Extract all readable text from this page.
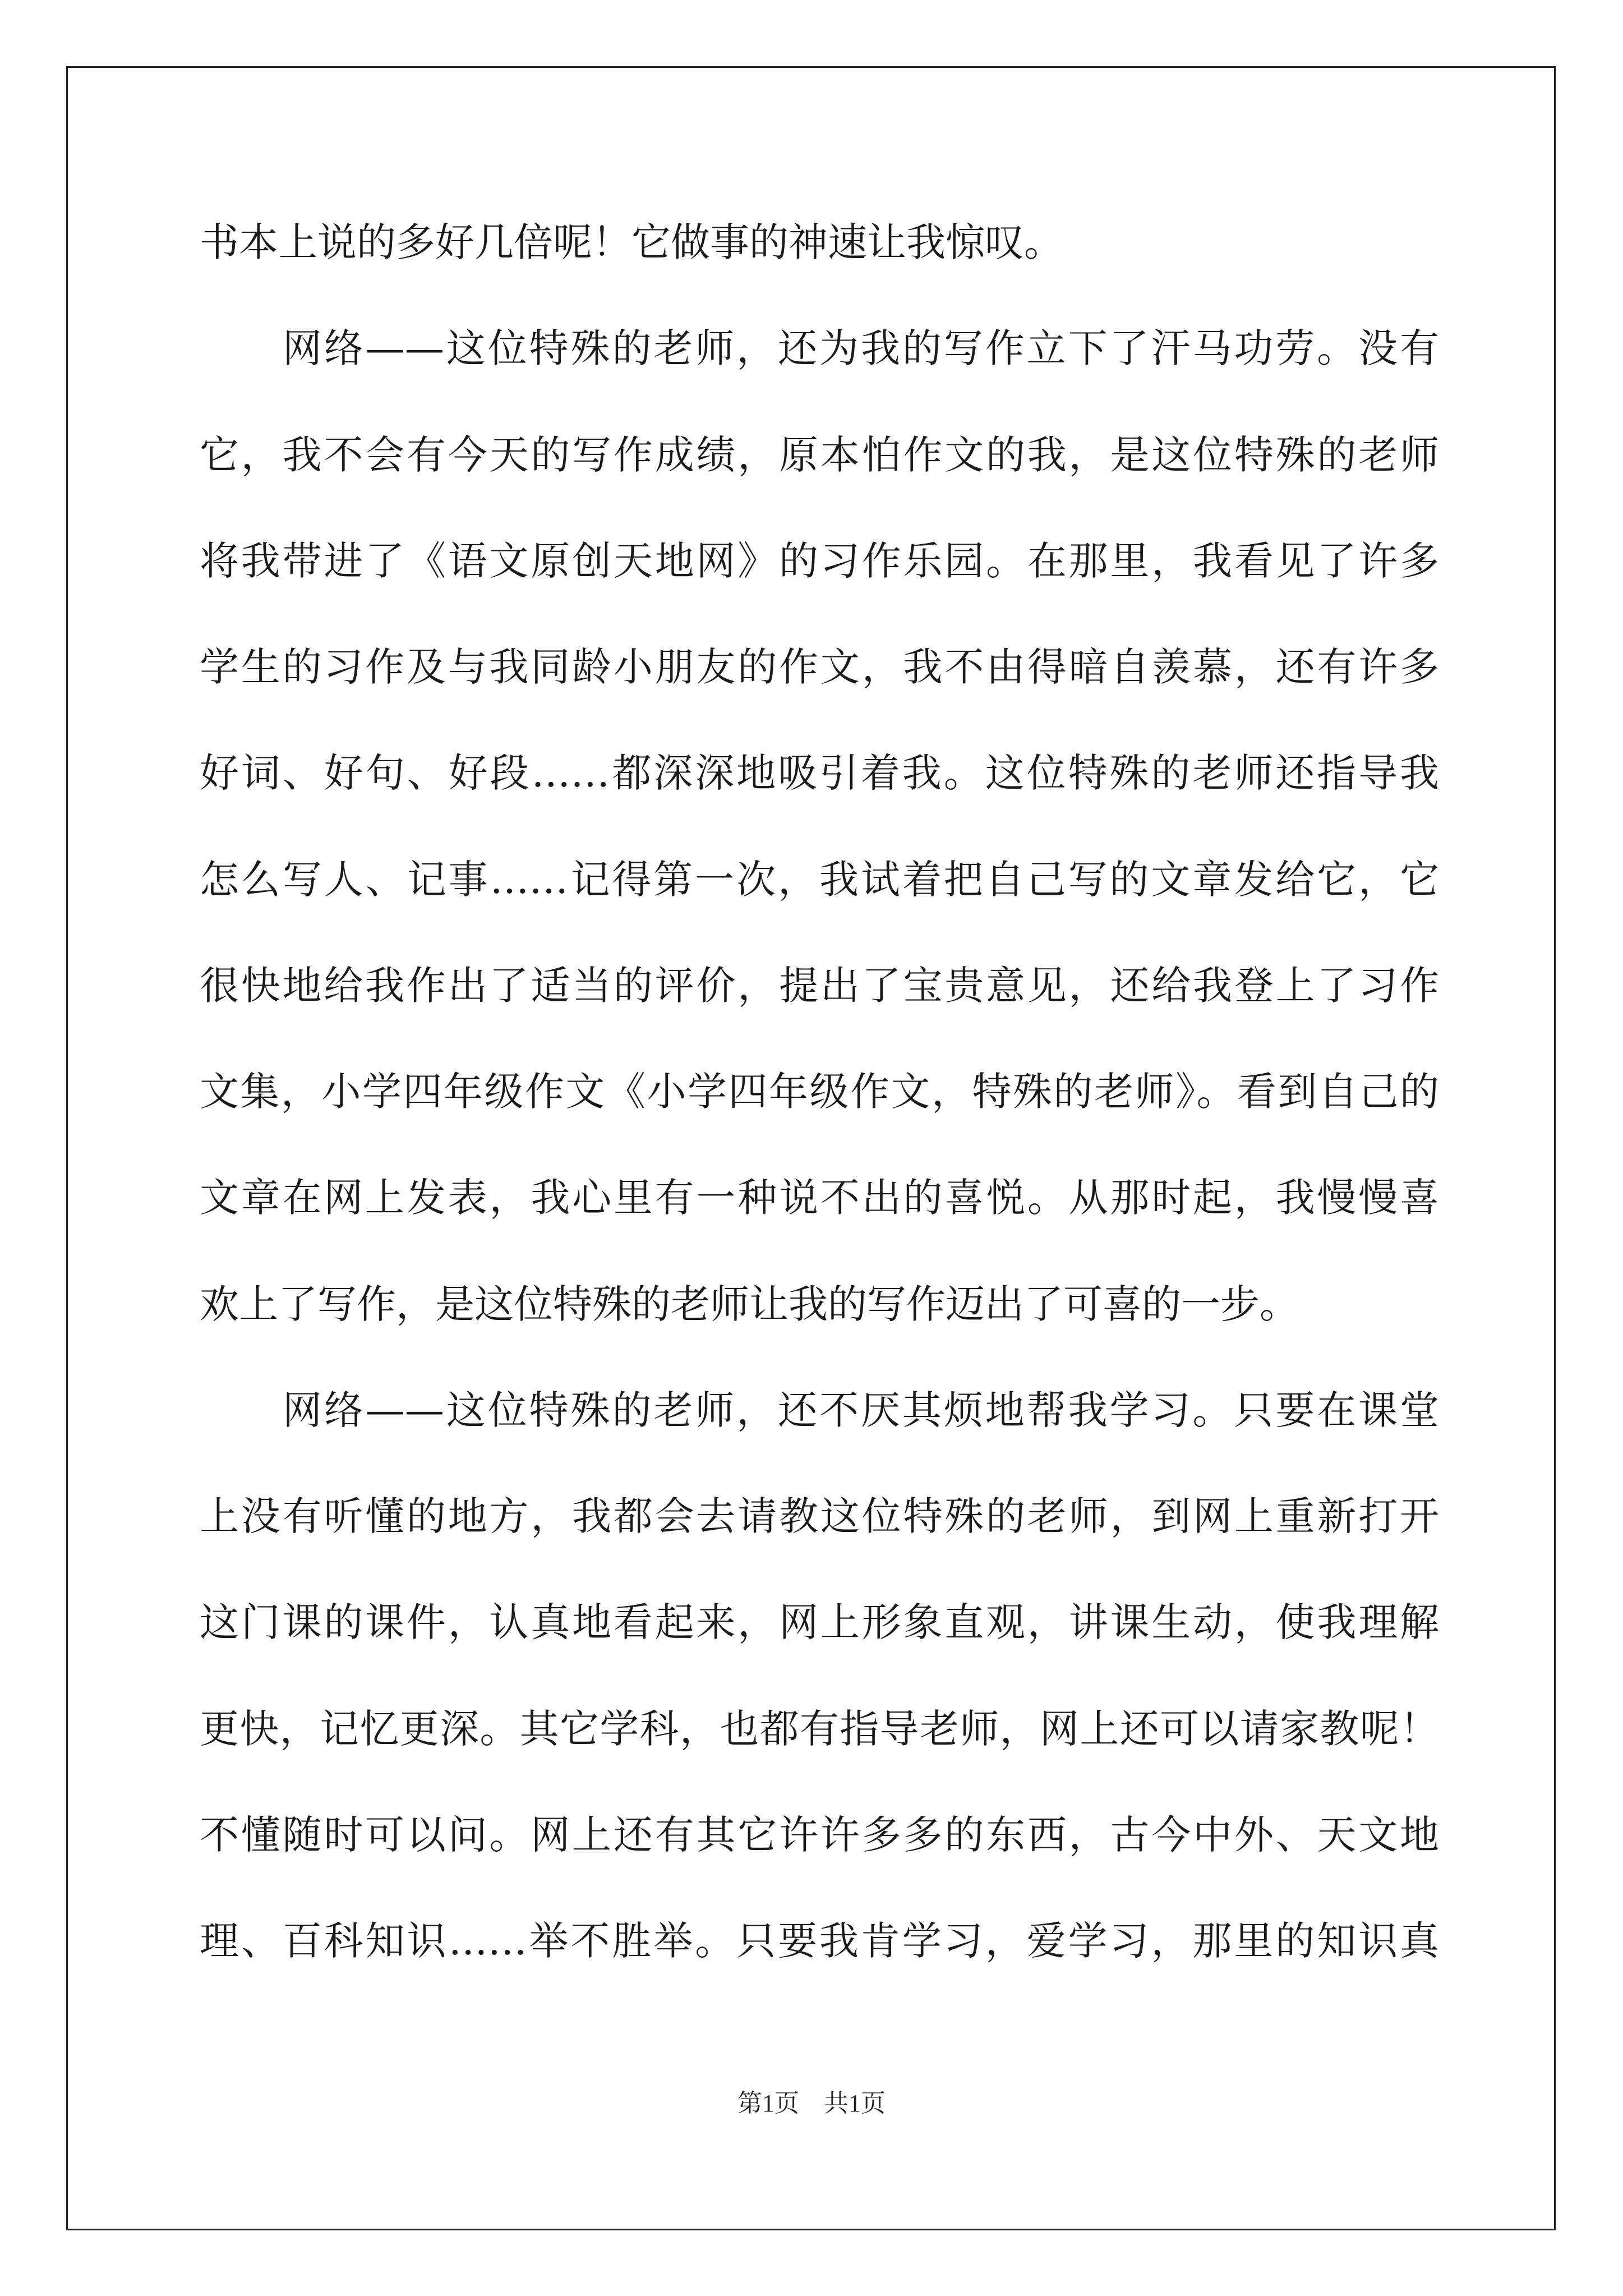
书本上说的多好几倍呢！它做事的神速让我惊叹。
网络——这位特殊的老师，还为我的写作立下了汗马功劳。没有
它，我不会有今天的写作成绩，原本怕作文的我，是这位特殊的老师
将我带进了《语文原创天地网》的习作乐园。在那里，我看见了许多
学生的习作及与我同龄小朋友的作文，我不由得暗自羡慕，还有许多
好词、好句、好段……都深深地吸引着我。这位特殊的老师还指导我
怎么写人、记事……记得第一次，我试着把自己写的文章发给它，它
很快地给我作出了适当的评价，提出了宝贵意见，还给我登上了习作
文集，小学四年级作文《小学四年级作文，特殊的老师》。看到自己的
文章在网上发表，我心里有一种说不出的喜悦。从那时起，我慢慢喜
欢上了写作，是这位特殊的老师让我的写作迈出了可喜的一步。
网络——这位特殊的老师，还不厌其烦地帮我学习。只要在课堂
上没有听懂的地方，我都会去请教这位特殊的老师，到网上重新打开
这门课的课件，认真地看起来，网上形象直观，讲课生动，使我理解
更快，记忆更深。其它学科，也都有指导老师，网上还可以请家教呢！
不懂随时可以问。网上还有其它许许多多的东西，古今中外、天文地
理、百科知识……举不胜举。只要我肯学习，爱学习，那里的知识真
第1页　共1页
